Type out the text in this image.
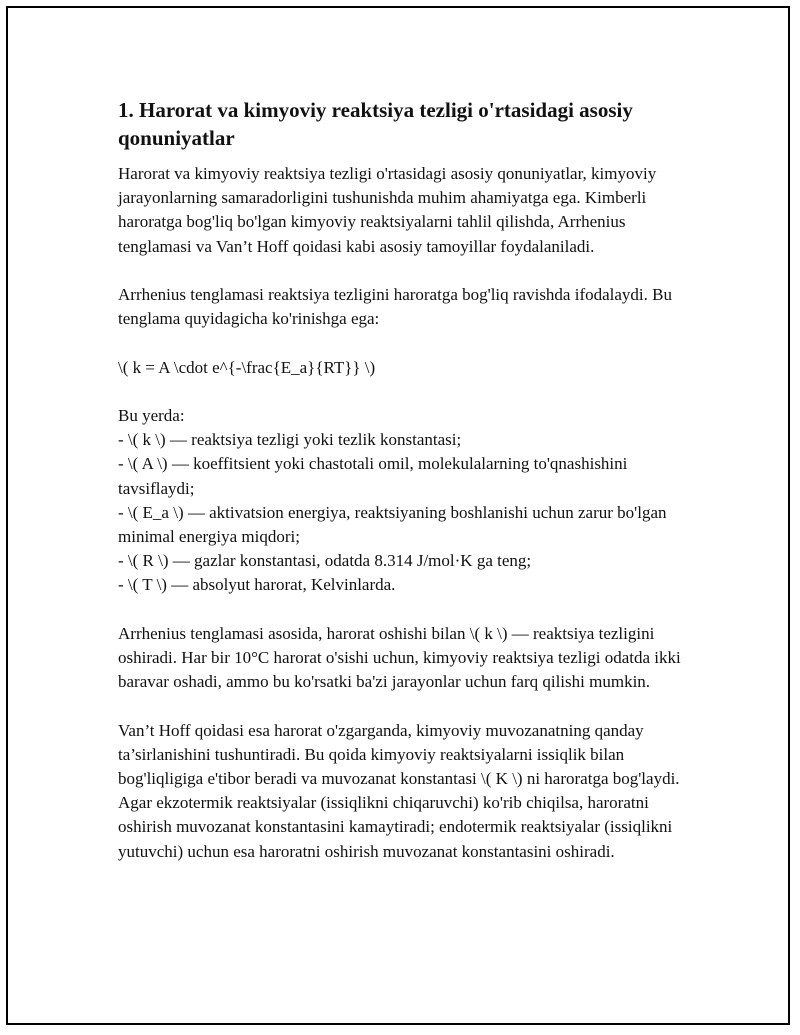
1. Harorat va kimyoviy reaktsiya tezligi o'rtasidagi asosiy qonuniyatlar

Harorat va kimyoviy reaktsiya tezligi o'rtasidagi asosiy qonuniyatlar, kimyoviy jarayonlarning samaradorligini tushunishda muhim ahamiyatga ega. Kimberli haroratga bog'liq bo'lgan kimyoviy reaktsiyalarni tahlil qilishda, Arrhenius tenglamasi va Van’t Hoff qoidasi kabi asosiy tamoyillar foydalaniladi.

Arrhenius tenglamasi reaktsiya tezligini haroratga bog'liq ravishda ifodalaydi. Bu tenglama quyidagicha ko'rinishga ega:

\( k = A \cdot e^{-\frac{E_a}{RT}} \)

Bu yerda:
- \( k \) — reaktsiya tezligi yoki tezlik konstantasi;
- \( A \) — koeffitsient yoki chastotali omil, molekulalarning to'qnashishini tavsiflaydi;
- \( E_a \) — aktivatsion energiya, reaktsiyaning boshlanishi uchun zarur bo'lgan minimal energiya miqdori;
- \( R \) — gazlar konstantasi, odatda 8.314 J/mol·K ga teng;
- \( T \) — absolyut harorat, Kelvinlarda.

Arrhenius tenglamasi asosida, harorat oshishi bilan \( k \) — reaktsiya tezligini oshiradi. Har bir 10°C harorat o'sishi uchun, kimyoviy reaktsiya tezligi odatda ikki baravar oshadi, ammo bu ko'rsatki ba'zi jarayonlar uchun farq qilishi mumkin.

Van’t Hoff qoidasi esa harorat o'zgarganda, kimyoviy muvozanatning qanday ta’sirlanishini tushuntiradi. Bu qoida kimyoviy reaktsiyalarni issiqlik bilan bog'liqligiga e'tibor beradi va muvozanat konstantasi \( K \) ni haroratga bog'laydi. Agar ekzotermik reaktsiyalar (issiqlikni chiqaruvchi) ko'rib chiqilsa, haroratni oshirish muvozanat konstantasini kamaytiradi; endotermik reaktsiyalar (issiqlikni yutuvchi) uchun esa haroratni oshirish muvozanat konstantasini oshiradi.
